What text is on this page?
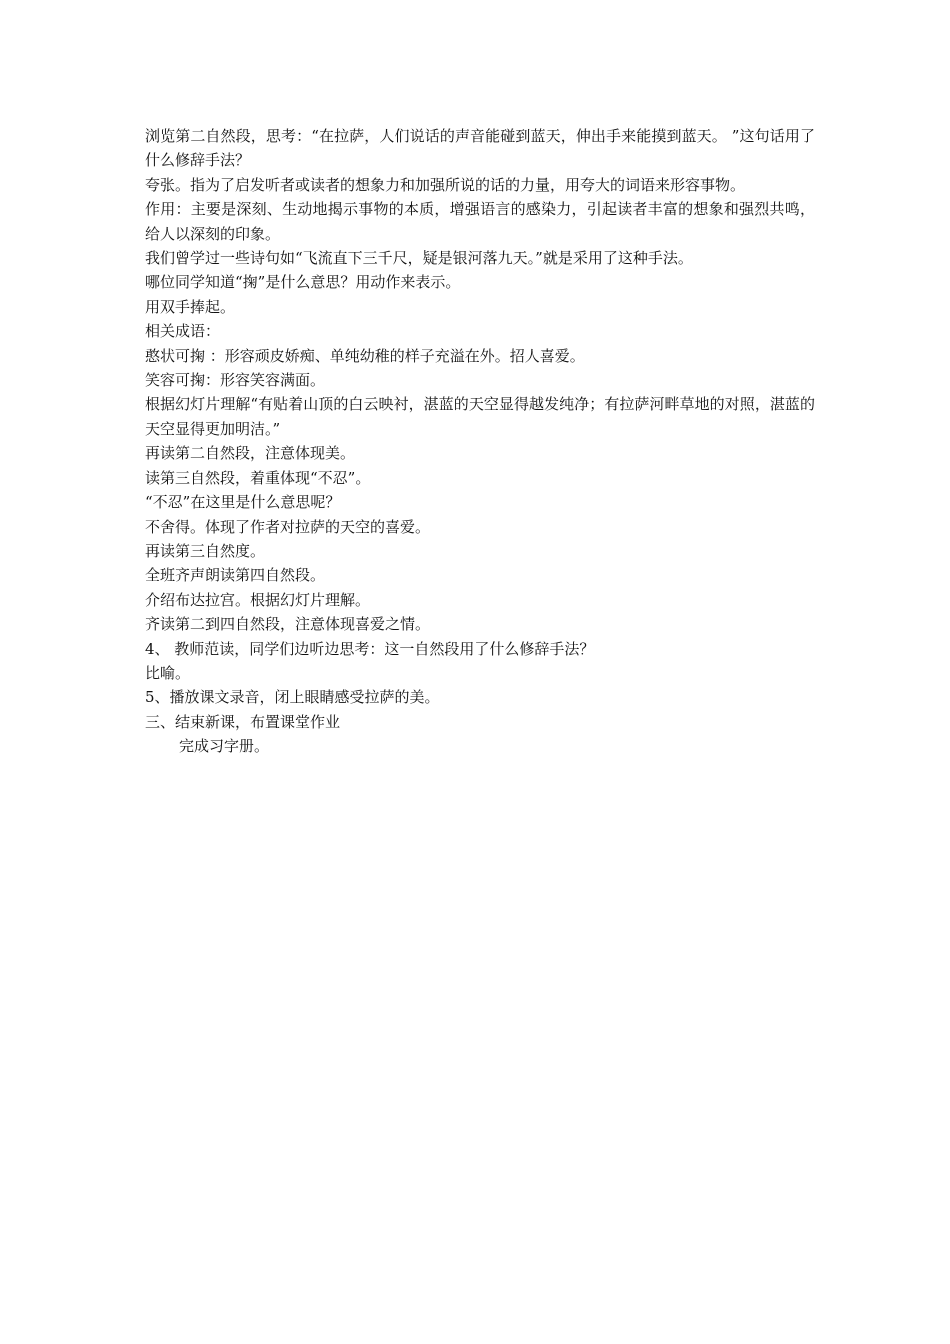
浏览第二自然段，思考：“在拉萨，人们说话的声音能碰到蓝天，伸出手来能摸到蓝天。 ”这句话用了什么修辞手法？

夸张。指为了启发听者或读者的想象力和加强所说的话的力量，用夸大的词语来形容事物。

作用：主要是深刻、生动地揭示事物的本质，增强语言的感染力，引起读者丰富的想象和强烈共鸣，给人以深刻的印象。

我们曾学过一些诗句如“飞流直下三千尺，疑是银河落九天。”就是采用了这种手法。

哪位同学知道“掬”是什么意思？用动作来表示。

用双手捧起。

相关成语：

憨状可掬 ：形容顽皮娇痴、单纯幼稚的样子充溢在外。招人喜爱。

笑容可掬：形容笑容满面。

根据幻灯片理解“有贴着山顶的白云映衬，湛蓝的天空显得越发纯净；有拉萨河畔草地的对照，湛蓝的天空显得更加明洁。”

再读第二自然段，注意体现美。

读第三自然段，着重体现“不忍”。

“不忍”在这里是什么意思呢？

不舍得。体现了作者对拉萨的天空的喜爱。

再读第三自然度。

全班齐声朗读第四自然段。

介绍布达拉宫。根据幻灯片理解。

齐读第二到四自然段，注意体现喜爱之情。

4、 教师范读，同学们边听边思考：这一自然段用了什么修辞手法？

比喻。

5、播放课文录音，闭上眼睛感受拉萨的美。

三、结束新课，布置课堂作业

完成习字册。
